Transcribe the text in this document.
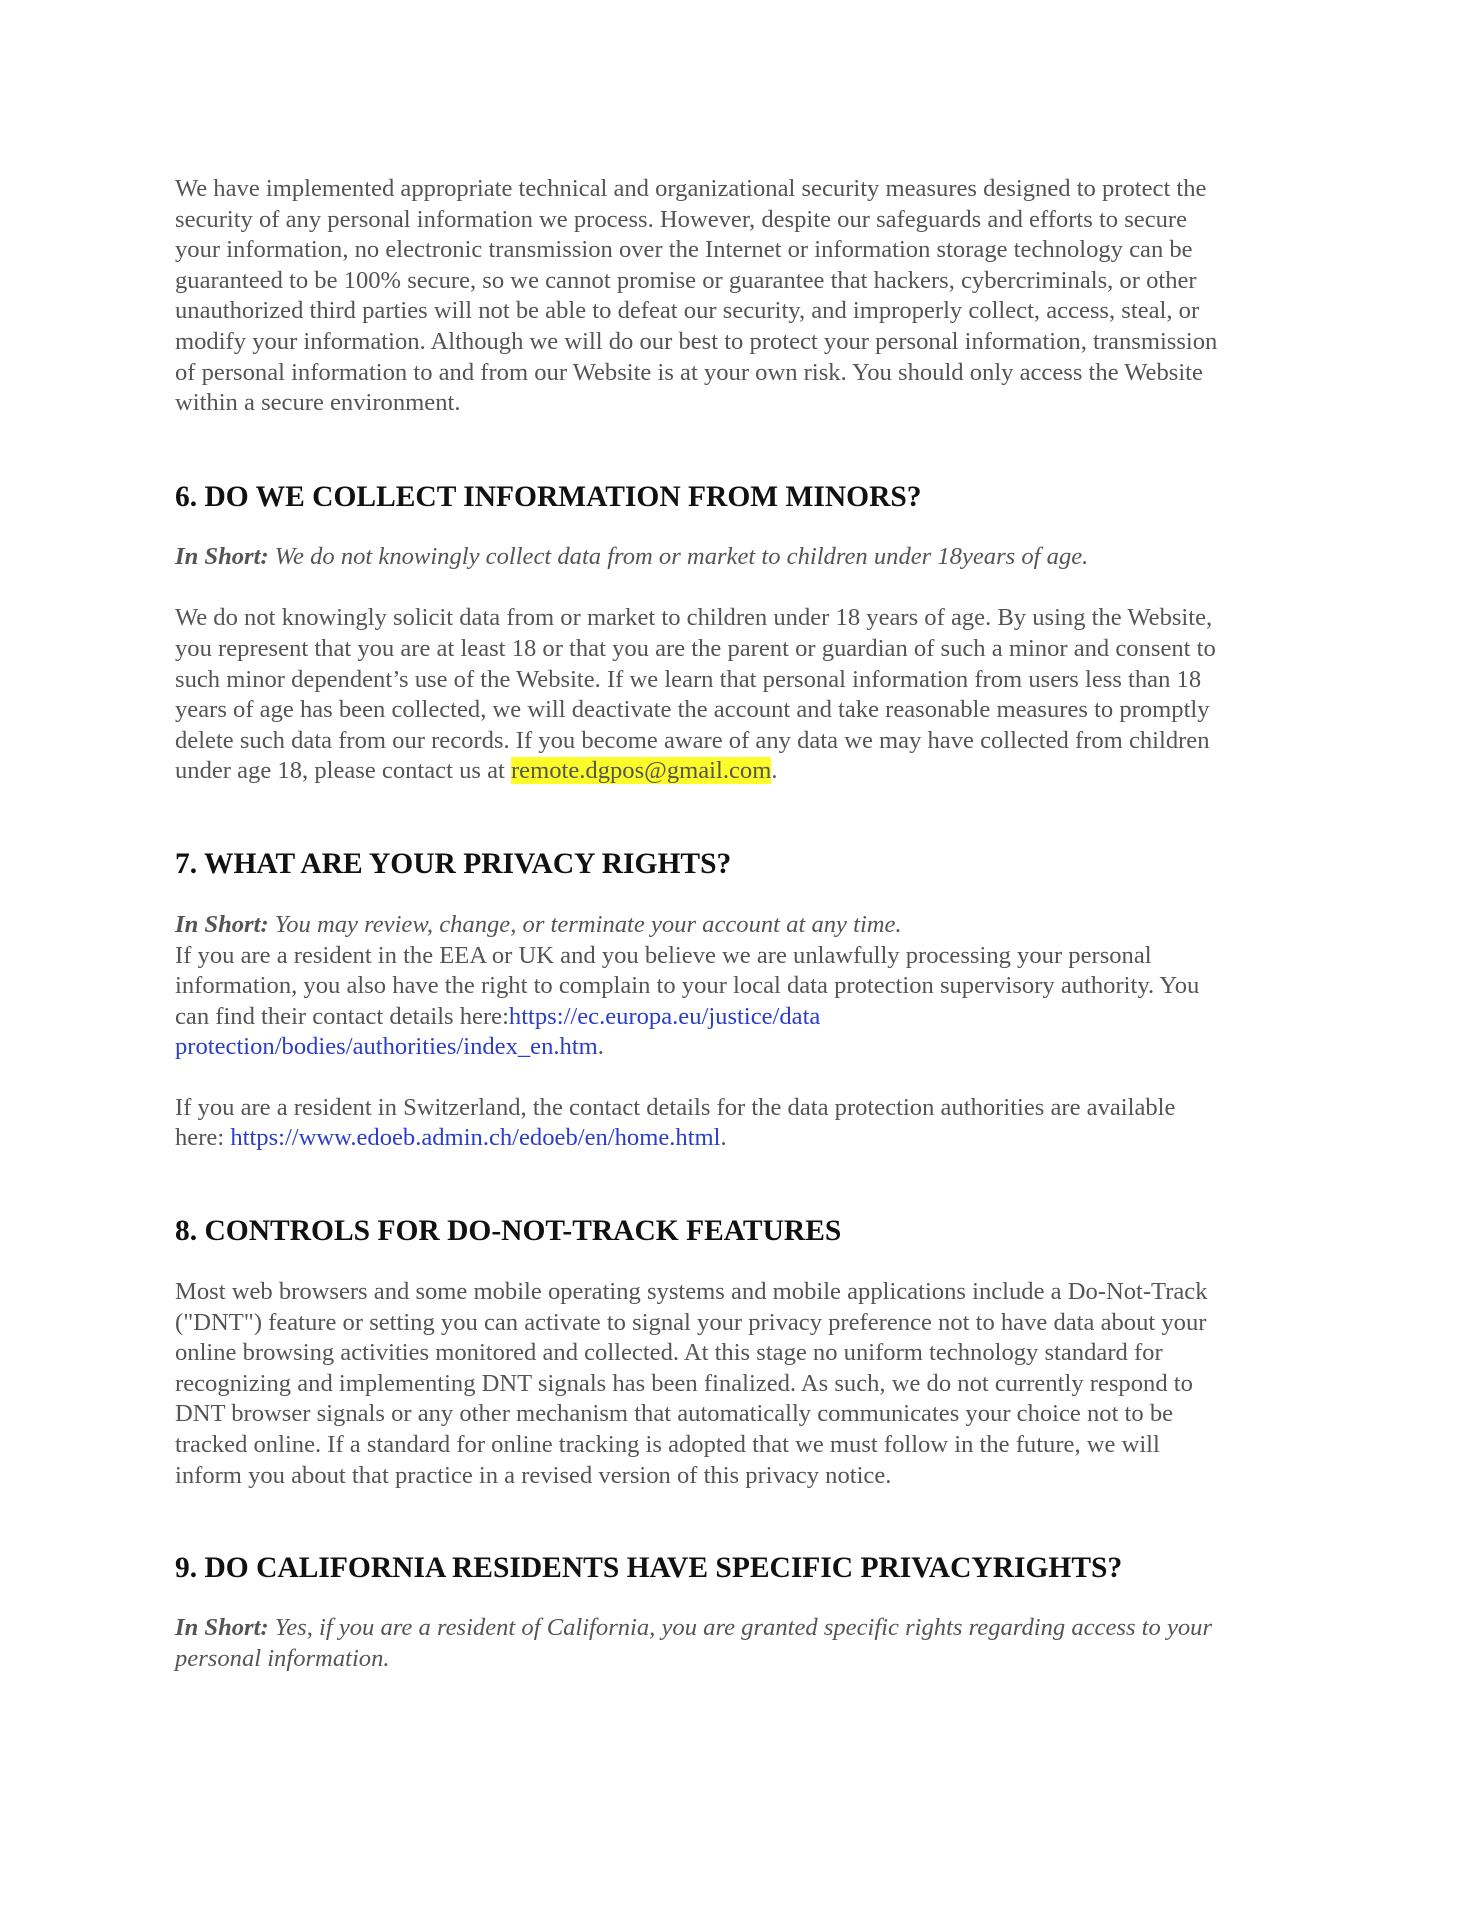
We have implemented appropriate technical and organizational security measures designed to protect the
security of any personal information we process. However, despite our safeguards and efforts to secure
your information, no electronic transmission over the Internet or information storage technology can be
guaranteed to be 100% secure, so we cannot promise or guarantee that hackers, cybercriminals, or other
unauthorized third parties will not be able to defeat our security, and improperly collect, access, steal, or
modify your information. Although we will do our best to protect your personal information, transmission
of personal information to and from our Website is at your own risk. You should only access the Website
within a secure environment.

6. DO WE COLLECT INFORMATION FROM MINORS?

In Short: We do not knowingly collect data from or market to children under 18years of age.

We do not knowingly solicit data from or market to children under 18 years of age. By using the Website,
you represent that you are at least 18 or that you are the parent or guardian of such a minor and consent to
such minor dependent’s use of the Website. If we learn that personal information from users less than 18
years of age has been collected, we will deactivate the account and take reasonable measures to promptly
delete such data from our records. If you become aware of any data we may have collected from children
under age 18, please contact us at remote.dgpos@gmail.com.

7. WHAT ARE YOUR PRIVACY RIGHTS?

In Short: You may review, change, or terminate your account at any time.

If you are a resident in the EEA or UK and you believe we are unlawfully processing your personal
information, you also have the right to complain to your local data protection supervisory authority. You
can find their contact details here:https://ec.europa.eu/justice/data
protection/bodies/authorities/index_en.htm.

If you are a resident in Switzerland, the contact details for the data protection authorities are available
here: https://www.edoeb.admin.ch/edoeb/en/home.html.

8. CONTROLS FOR DO-NOT-TRACK FEATURES

Most web browsers and some mobile operating systems and mobile applications include a Do-Not-Track
("DNT") feature or setting you can activate to signal your privacy preference not to have data about your
online browsing activities monitored and collected. At this stage no uniform technology standard for
recognizing and implementing DNT signals has been finalized. As such, we do not currently respond to
DNT browser signals or any other mechanism that automatically communicates your choice not to be
tracked online. If a standard for online tracking is adopted that we must follow in the future, we will
inform you about that practice in a revised version of this privacy notice.

9. DO CALIFORNIA RESIDENTS HAVE SPECIFIC PRIVACYRIGHTS?

In Short: Yes, if you are a resident of California, you are granted specific rights regarding access to your
personal information.
